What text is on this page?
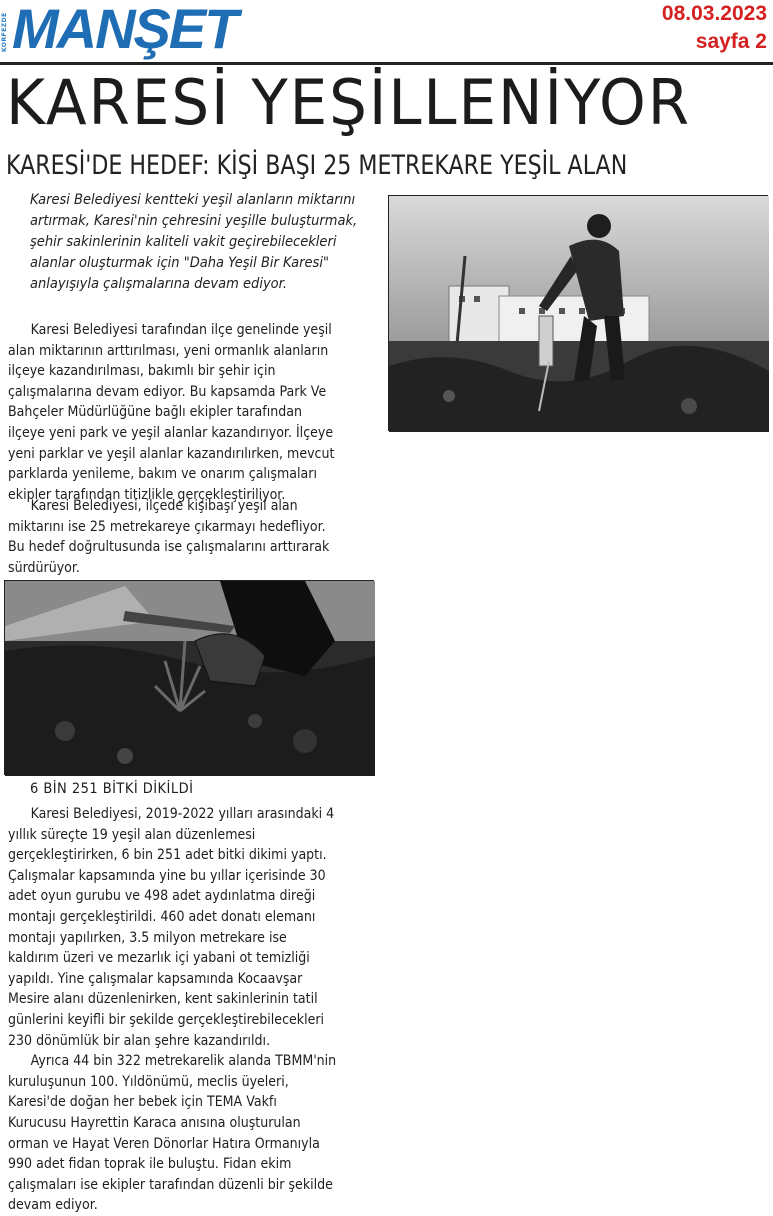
KÖRFEZDE MANŞET	08.03.2023
sayfa 2
KARESİ YEŞİLLENİYOR
KARESİ'DE HEDEF: KİŞİ BAŞI 25 METREKARE YEŞİL ALAN
Karesi Belediyesi kentteki yeşil alanların miktarını
artırmak, Karesi'nin çehresini yeşille buluşturmak,
şehir sakinlerinin kaliteli vakit geçirebilecekleri
alanlar oluşturmak için "Daha Yeşil Bir Karesi"
anlayışıyla çalışmalarına devam ediyor.

Karesi Belediyesi tarafından ilçe genelinde yeşil

alan miktarının arttırılması, yeni ormanlık alanların
ilçeye kazandırılması, bakımlı bir şehir için
çalışmalarına devam ediyor. Bu kapsamda Park Ve
Bahçeler Müdürlüğüne bağlı ekipler tarafından
ilçeye yeni park ve yeşil alanlar kazandırıyor. İlçeye
yeni parklar ve yeşil alanlar kazandırılırken, mevcut
parklarda yenileme, bakım ve onarım çalışmaları
ekipler tarafından titizlikle gerçekleştiriliyor.

Karesi Belediyesi, ilçede kişibaşı yeşil alan

miktarını ise 25 metrekareye çıkarmayı hedefliyor.
Bu hedef doğrultusunda ise çalışmalarını arttırarak
sürdürüyor.
6 BİN 251 BİTKİ DİKİLDİ

Karesi Belediyesi, 2019-2022 yılları arasındaki 4

yıllık süreçte 19 yeşil alan düzenlemesi
gerçekleştirirken, 6 bin 251 adet bitki dikimi yaptı.
Çalışmalar kapsamında yine bu yıllar içerisinde 30
adet oyun gurubu ve 498 adet aydınlatma direği
montajı gerçekleştirildi. 460 adet donatı elemanı
montajı yapılırken, 3.5 milyon metrekare ise
kaldırım üzeri ve mezarlık içi yabani ot temizliği
yapıldı. Yine çalışmalar kapsamında Kocaavşar
Mesire alanı düzenlenirken, kent sakinlerinin tatil
günlerini keyifli bir şekilde gerçekleştirebilecekleri
230 dönümlük bir alan şehre kazandırıldı.

Ayrıca 44 bin 322 metrekarelik alanda TBMM'nin

kuruluşunun 100. Yıldönümü, meclis üyeleri,
Karesi'de doğan her bebek için TEMA Vakfı
Kurucusu Hayrettin Karaca anısına oluşturulan
orman ve Hayat Veren Dönorlar Hatıra Ormanıyla
990 adet fidan toprak ile buluştu. Fidan ekim
çalışmaları ise ekipler tarafından düzenli bir şekilde
devam ediyor.
